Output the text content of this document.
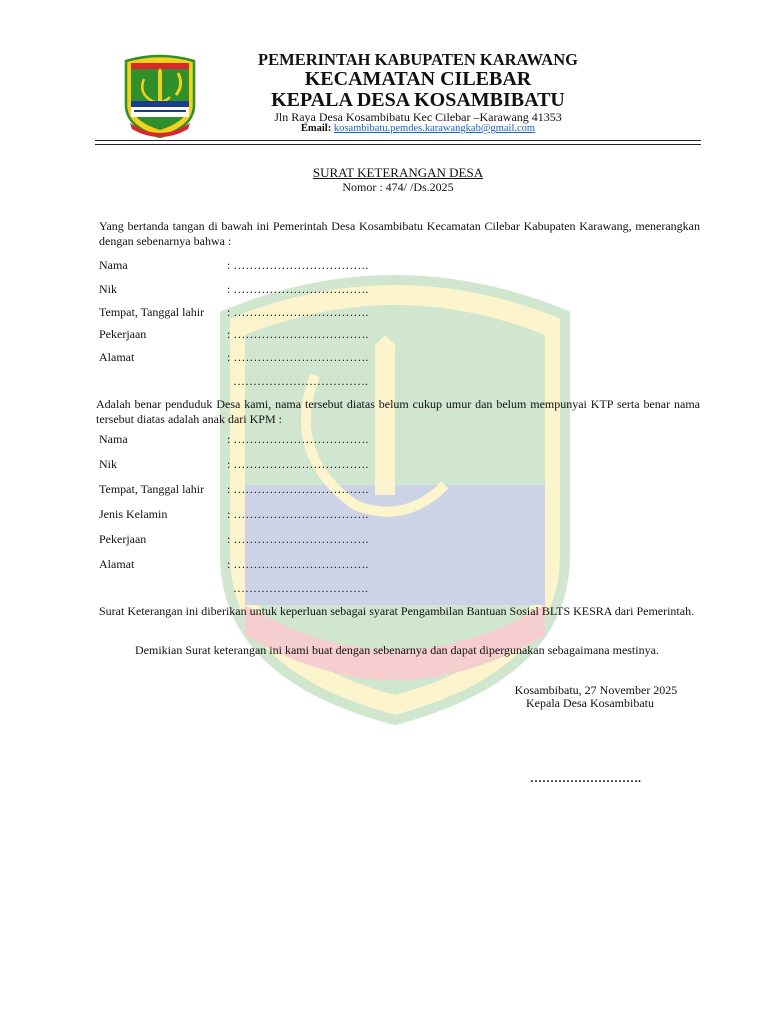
PEMERINTAH KABUPATEN KARAWANG
KECAMATAN CILEBAR
KEPALA DESA KOSAMBIBATU
Jln Raya Desa Kosambibatu Kec Cilebar –Karawang 41353
Email: kosambibatu.pemdes.karawangkab@gmail.com
SURAT KETERANGAN DESA
Nomor : 474/ /Ds.2025
Yang bertanda tangan di bawah ini Pemerintah Desa Kosambibatu Kecamatan Cilebar Kabupaten Karawang, menerangkan dengan sebenarnya bahwa :
Nama	: …………………………….
Nik	: …………………………….
Tempat, Tanggal lahir : …………………………….
Pekerjaan	: …………………………….
Alamat	: …………………………….
…………………………….
Adalah benar penduduk Desa kami, nama tersebut diatas belum cukup umur dan belum mempunyai KTP serta benar nama tersebut diatas adalah anak dari KPM :
Nama	: …………………………….
Nik	: …………………………….
Tempat, Tanggal lahir : …………………………….
Jenis Kelamin	: …………………………….
Pekerjaan	: …………………………….
Alamat	: …………………………….
…………………………….
Surat Keterangan ini diberikan untuk keperluan sebagai syarat Pengambilan Bantuan Sosial BLTS KESRA dari Pemerintah.
Demikian Surat keterangan ini kami buat dengan sebenarnya dan dapat dipergunakan sebagaimana mestinya.
Kosambibatu, 27 November 2025
Kepala Desa Kosambibatu
……………………….
